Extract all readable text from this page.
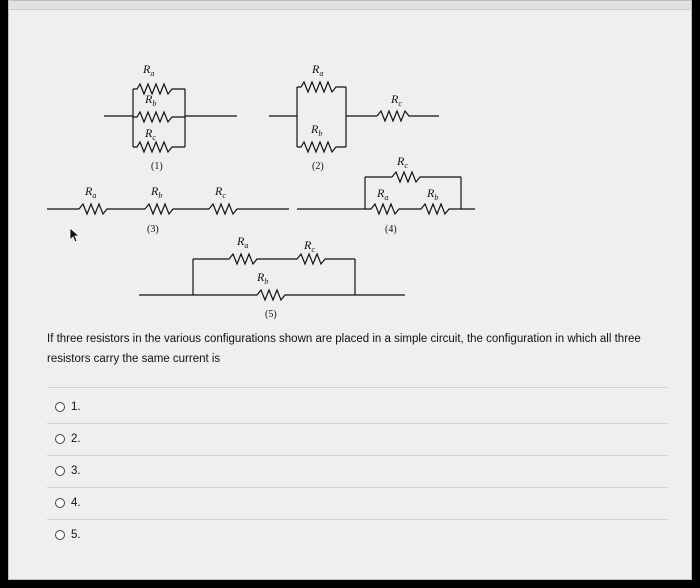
$R_a$
$R_b$
$R_c$
(1)
$R_a$
$R_b$
$R_c$
(2)
$R_a$	$R_b$	$R_c$
(3)
$R_c$
$R_a$	$R_b$
(4)
$R_a$	$R_c$
$R_b$
(5)
If three resistors in the various configurations shown are placed in a simple circuit, the configuration in which all three resistors carry the same current is
1.
2.
3.
4.
5.
